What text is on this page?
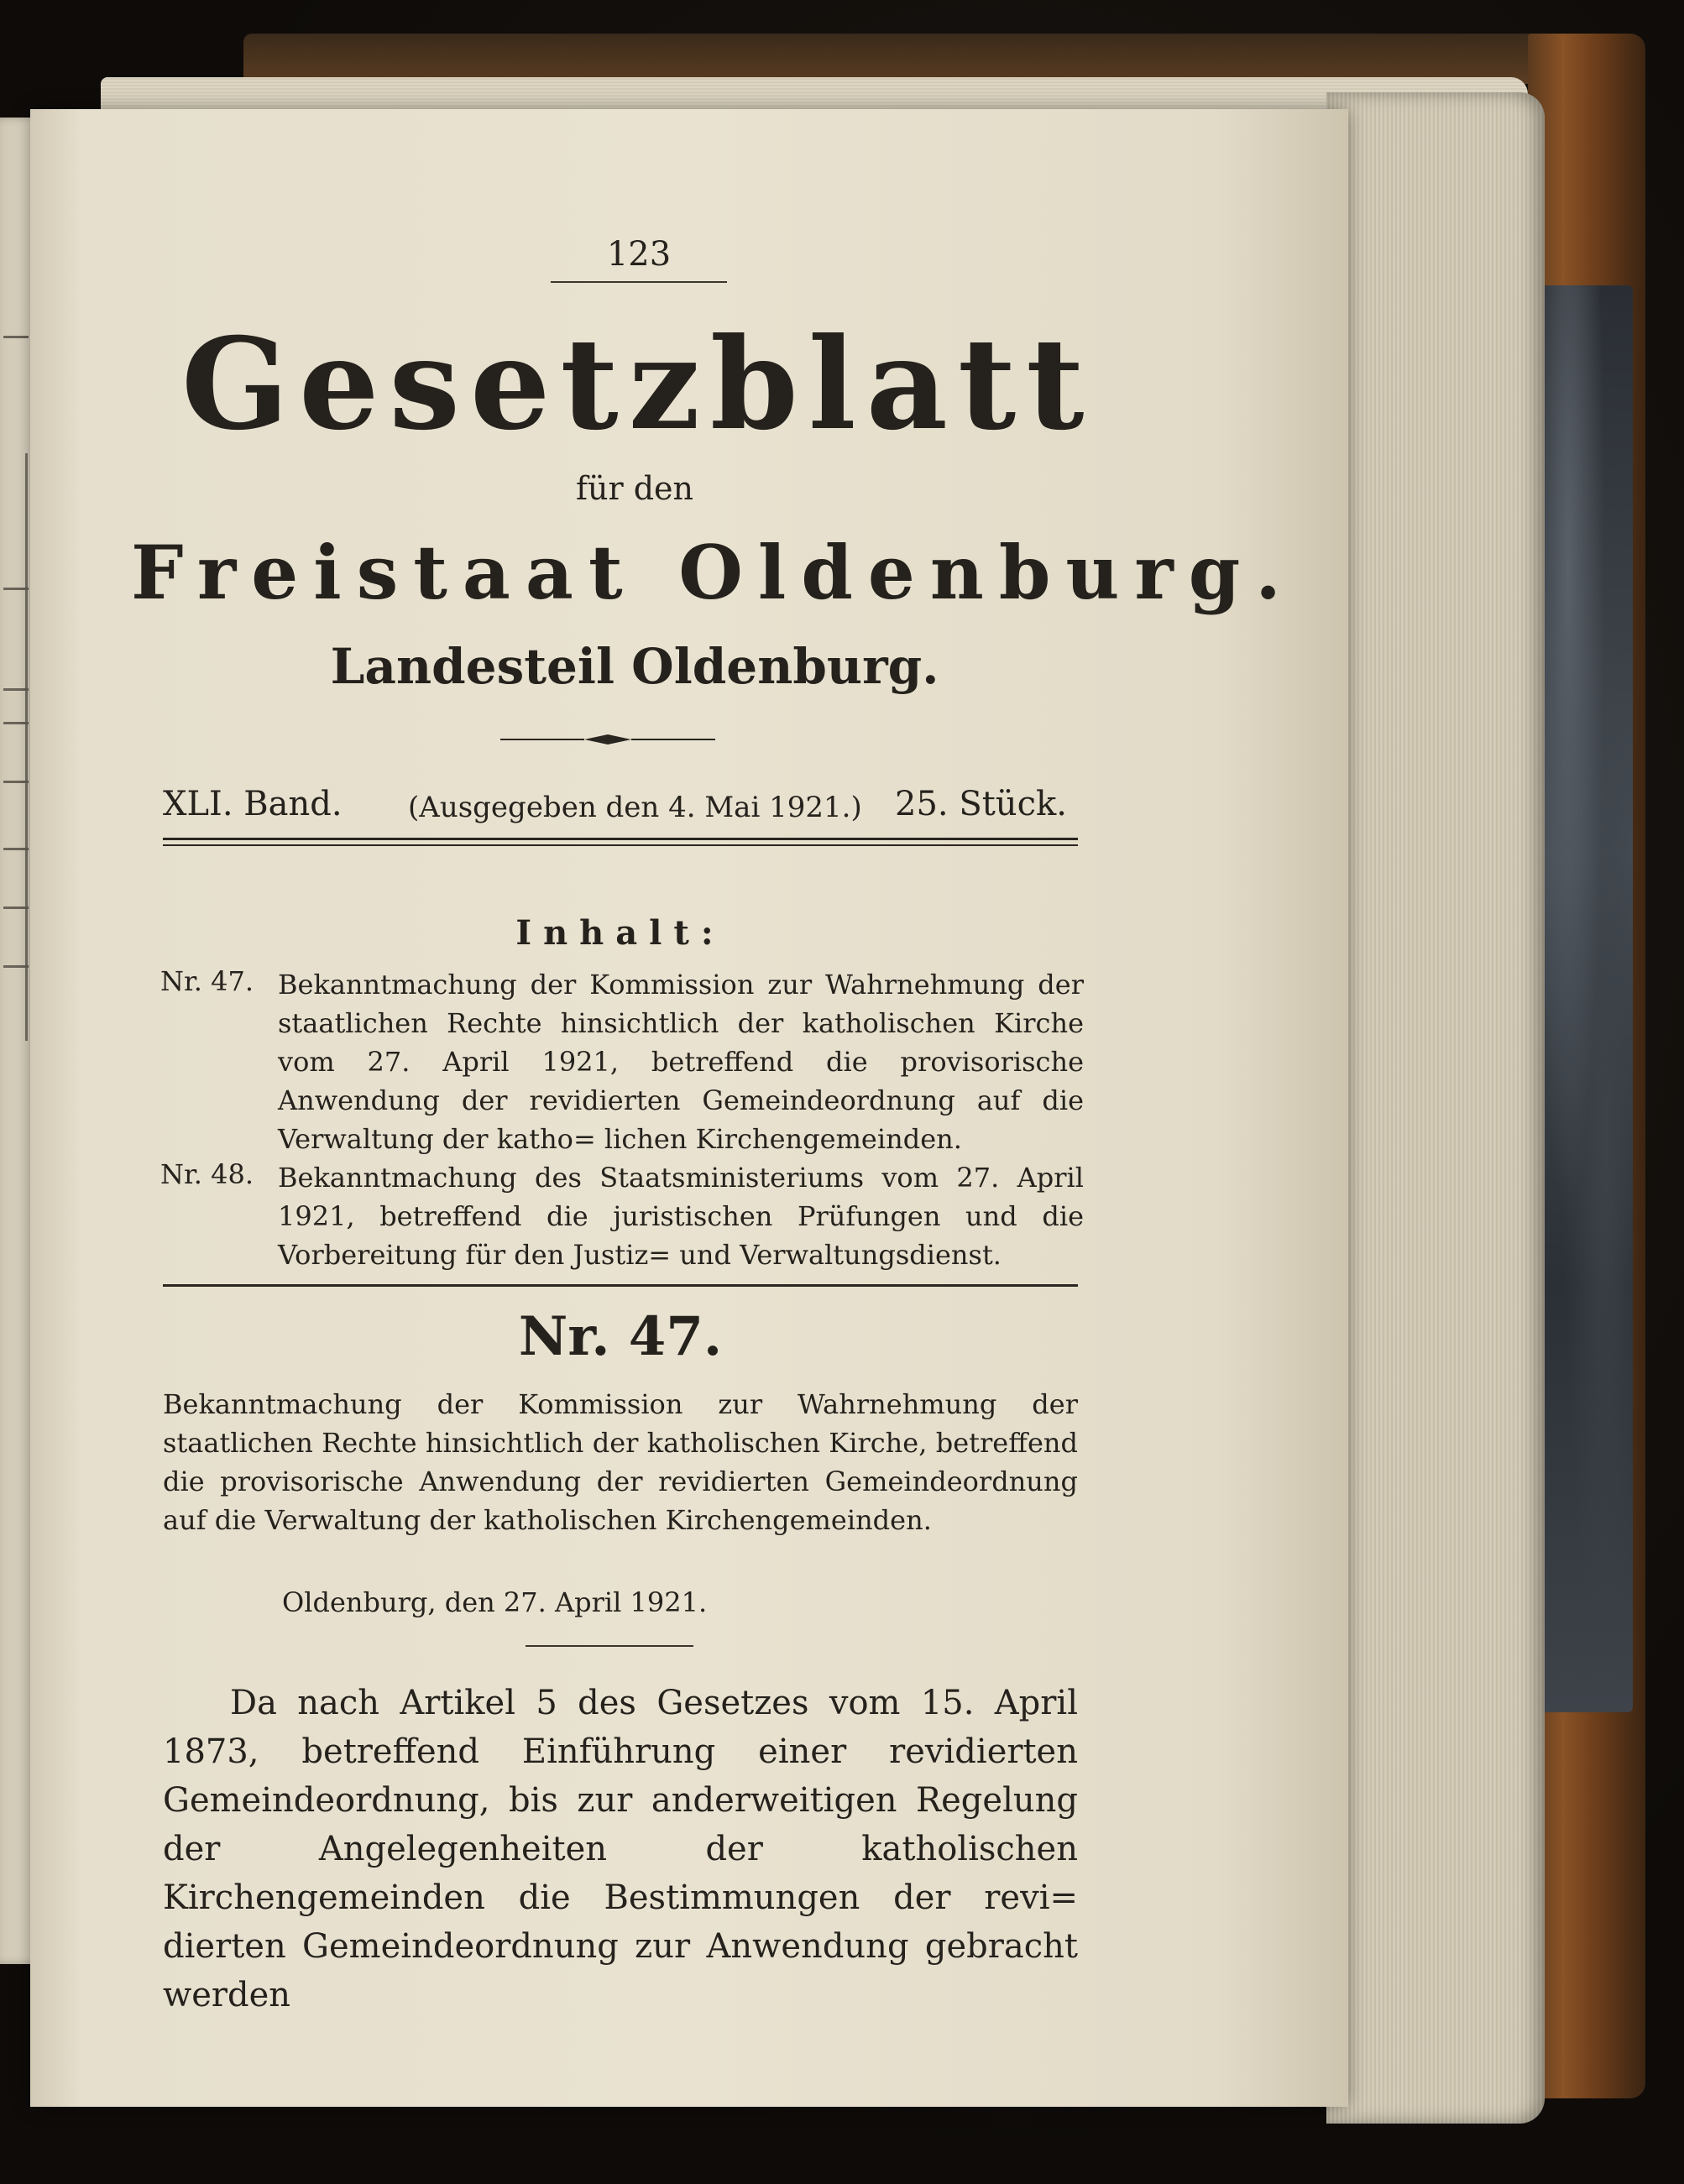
123
Gesetzblatt
für den
Freistaat Oldenburg.
Landesteil Oldenburg.
XLI. Band. (Ausgegeben den 4. Mai 1921.) 25. Stück.
Inhalt:
Nr. 47. Bekanntmachung der Kommission zur Wahrnehmung der staatlichen Rechte hinsichtlich der katholischen Kirche vom 27. April 1921, betreffend die provisorische Anwendung der revidierten Gemeindeordnung auf die Verwaltung der katho= lichen Kirchengemeinden.
Nr. 48. Bekanntmachung des Staatsministeriums vom 27. April 1921, betreffend die juristischen Prüfungen und die Vorbereitung für den Justiz= und Verwaltungsdienst.
Nr. 47.
Bekanntmachung der Kommission zur Wahrnehmung der staatlichen Rechte hinsichtlich der katholischen Kirche, betreffend die provisorische Anwendung der revidierten Gemeindeordnung auf die Verwaltung der katholischen Kirchengemeinden.
Oldenburg, den 27. April 1921.
Da nach Artikel 5 des Gesetzes vom 15. April 1873, betreffend Einführung einer revidierten Gemeindeordnung, bis zur anderweitigen Regelung der Angelegenheiten der katholischen Kirchengemeinden die Bestimmungen der revi= dierten Gemeindeordnung zur Anwendung gebracht werden
